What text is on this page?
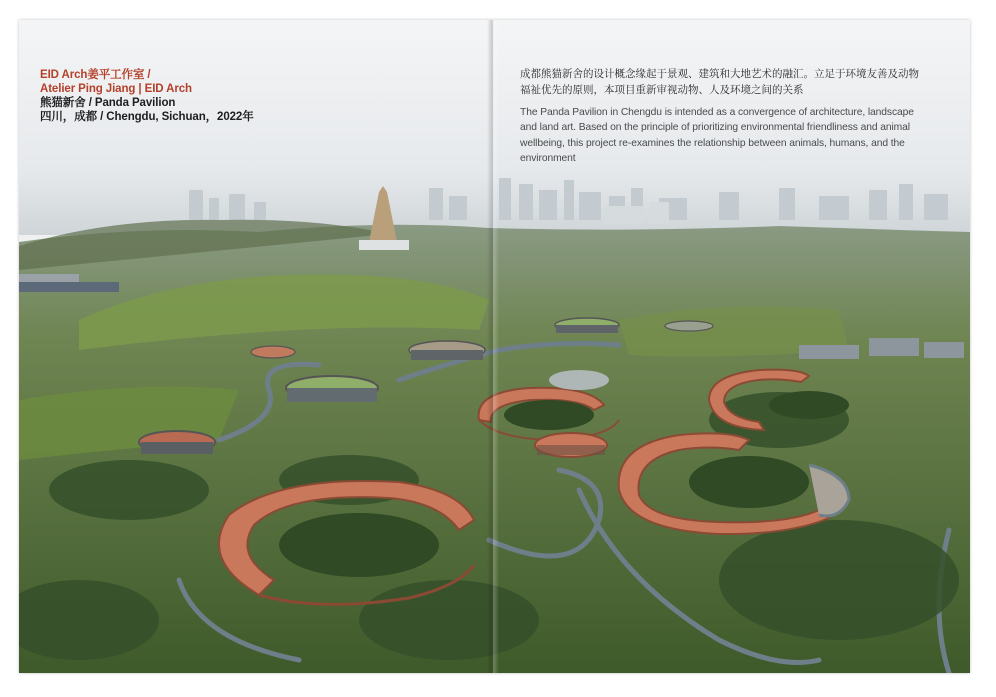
EID Arch姜平工作室 /
Atelier Ping Jiang | EID Arch
熊猫新舍 / Panda Pavilion
四川，成都 / Chengdu, Sichuan，2022年

成都熊猫新舍的设计概念缘起于景观、建筑和大地艺术的融汇。立足于环境友善及动物福祉优先的原则，本项目重新审视动物、人及环境之间的关系

The Panda Pavilion in Chengdu is intended as a convergence of architecture, landscape and land art. Based on the principle of prioritizing environmental friendliness and animal wellbeing, this project re-examines the relationship between animals, humans, and the environment
